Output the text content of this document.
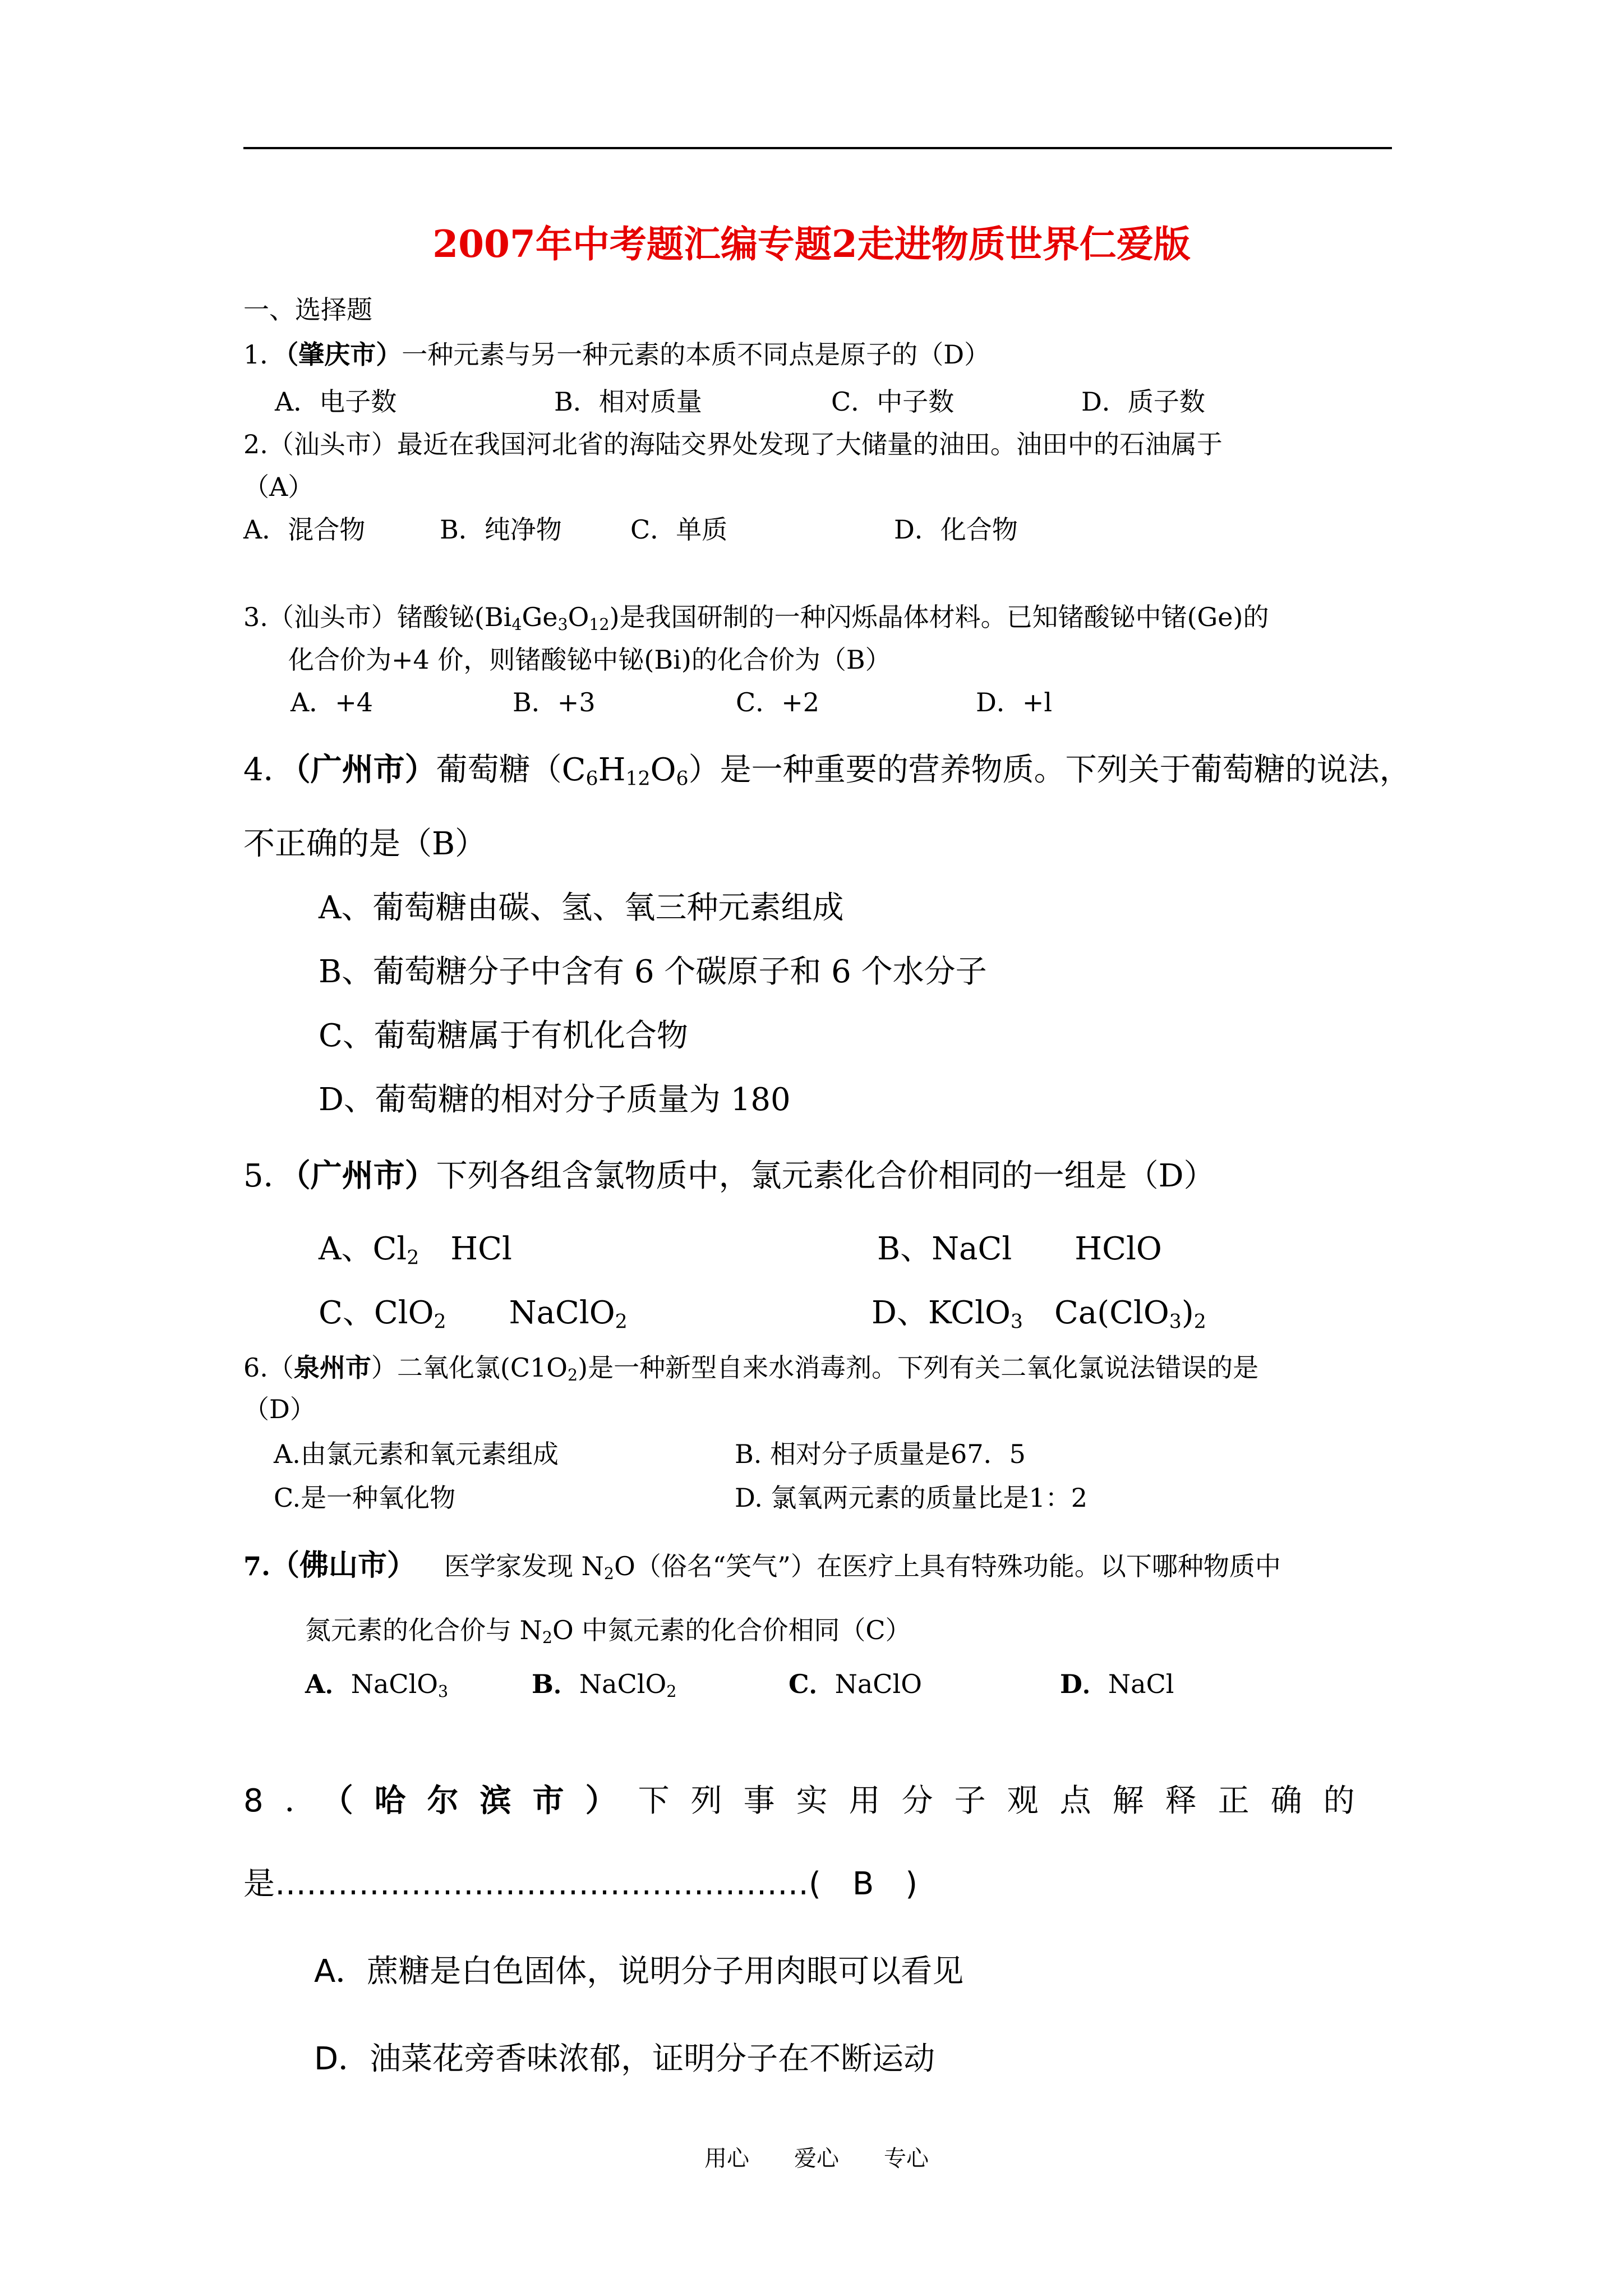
2007年中考题汇编专题2走进物质世界仁爱版
一、选择题
1．（肇庆市）一种元素与另一种元素的本质不同点是原子的（D）
A．电子数	B．相对质量	C．中子数	D．质子数
2.（汕头市）最近在我国河北省的海陆交界处发现了大储量的油田。油田中的石油属于
（A）
A．混合物	B．纯净物	C．单质	D．化合物
3.（汕头市）锗酸铋$(Bi_4Ge_3O_{12})$是我国研制的一种闪烁晶体材料。已知锗酸铋中锗(Ge)的
化合价为+4 价，则锗酸铋中铋(Bi)的化合价为（B）
A．+4	B．+3	C．+2	D．+l
4．（广州市）葡萄糖$(C_6H_{12}O_6)$是一种重要的营养物质。下列关于葡萄糖的说法，
不正确的是（B）
A、葡萄糖由碳、氢、氧三种元素组成
B、葡萄糖分子中含有 6 个碳原子和 6 个水分子
C、葡萄糖属于有机化合物
D、葡萄糖的相对分子质量为 180
5．（广州市）下列各组含氯物质中，氯元素化合价相同的一组是（D）
A、$Cl_2$　HCl	B、NaCl　　HClO
C、ClO$_2$　　NaClO$_2$	D、KClO$_3$　$Ca(ClO_3)_2$
6.（泉州市）二氧化氯$(C1O_2)$是一种新型自来水消毒剂。下列有关二氧化氯说法错误的是
（D）
A.由氯元素和氧元素组成	B. 相对分子质量是67．5
C.是一种氧化物	D. 氯氧两元素的质量比是1：2
7.（佛山市） 医学家发现 $N_2O$（俗名“笑气”）在医疗上具有特殊功能。以下哪种物质中
氮元素的化合价与 $N_2O$ 中氮元素的化合价相同（C）
A．NaClO$_3$	B．NaClO$_2$	C．NaClO	D．NaCl
8．（哈尔滨市）下列事实用分子观点解释正确的
是……………………………………………(　B　)
A．蔗糖是白色固体，说明分子用肉眼可以看见
D．油菜花旁香味浓郁，证明分子在不断运动
用心　　爱心　　专心
